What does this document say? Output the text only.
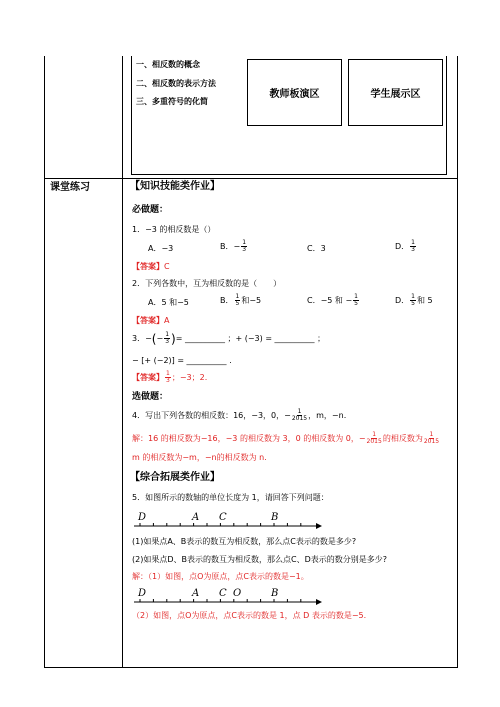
一、相反数的概念
二、相反数的表示方法
三、多重符号的化简
教师板演区	学生展示区
课堂练习	【知识技能类作业】
必做题：
1．−3 的相反数是（）
A．−3	B．− $\frac{1}{3}$	C．3	D． $\frac{1}{3}$
【答案】C
2．下列各数中，互为相反数的是（　　）
A．5 和−5	B． $\frac{1}{5}$ 和−5	C．−5 和 − $\frac{1}{5}$	D． $\frac{1}{5}$ 和 5
【答案】A
3．− ( − $\frac{1}{3}$ ) = __________ ；+ (−3) = __________ ；
− [+ (−2)] = __________ .
【答案】 $\frac{1}{3}$ ；−3；2.
选做题：
4．写出下列各数的相反数：16，−3，0，− $\frac{1}{2015}$ ，m，−n.
解：16 的相反数为−16，−3 的相反数为 3，0 的相反数为 0，− $\frac{1}{2015}$ 的相反数为 $\frac{1}{2015}$
m 的相反数为−m，−n的相反数为 n.
【综合拓展类作业】
5．如图所示的数轴的单位长度为 1，请回答下列问题：
D	A C	B
(1)如果点A、B表示的数互为相反数，那么点C表示的数是多少?
(2)如果点D、B表示的数互为相反数，那么点C、D表示的数分别是多少?
解：（1）如图，点O为原点，点C表示的数是−1。
D	A C O	B
（2）如图，点O为原点，点C表示的数是 1，点 D 表示的数是−5.
